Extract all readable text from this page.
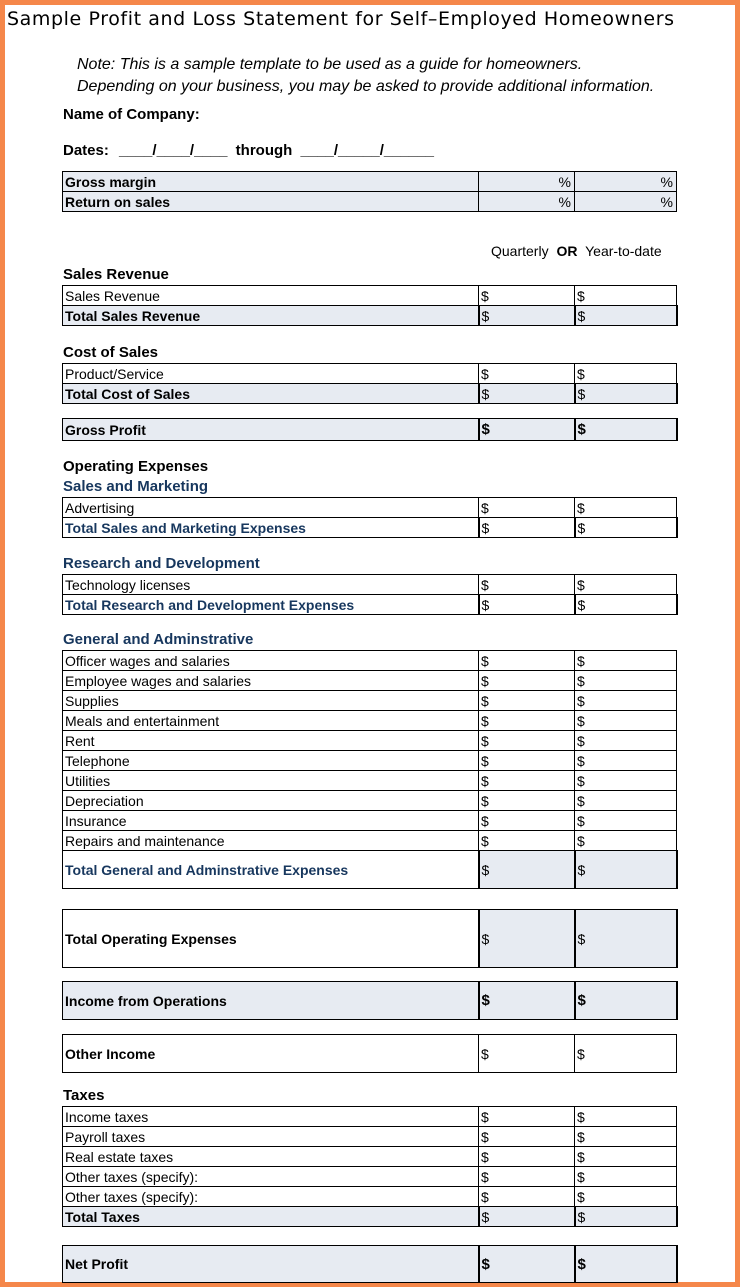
Sample Profit and Loss Statement for Self–Employed Homeowners
Note: This is a sample template to be used as a guide for homeowners.
Depending on your business, you may be asked to provide additional information.
Name of Company:
Dates: ____/____/____ through ____/_____/______
Gross margin	%	%
Return on sales	%	%
Quarterly OR Year-to-date
Sales Revenue
Sales Revenue	$	$
Total Sales Revenue	$	$
Cost of Sales
Product/Service	$	$
Total Cost of Sales	$	$
Gross Profit	$	$
Operating Expenses
Sales and Marketing
Advertising	$	$
Total Sales and Marketing Expenses	$	$
Research and Development
Technology licenses	$	$
Total Research and Development Expenses	$	$
General and Adminstrative
Officer wages and salaries	$	$
Employee wages and salaries	$	$
Supplies	$	$
Meals and entertainment	$	$
Rent	$	$
Telephone	$	$
Utilities	$	$
Depreciation	$	$
Insurance	$	$
Repairs and maintenance	$	$
Total General and Adminstrative Expenses	$	$
Total Operating Expenses	$	$
Income from Operations	$	$
Other Income	$	$
Taxes
Income taxes	$	$
Payroll taxes	$	$
Real estate taxes	$	$
Other taxes (specify):	$	$
Other taxes (specify):	$	$
Total Taxes	$	$
Net Profit	$	$
